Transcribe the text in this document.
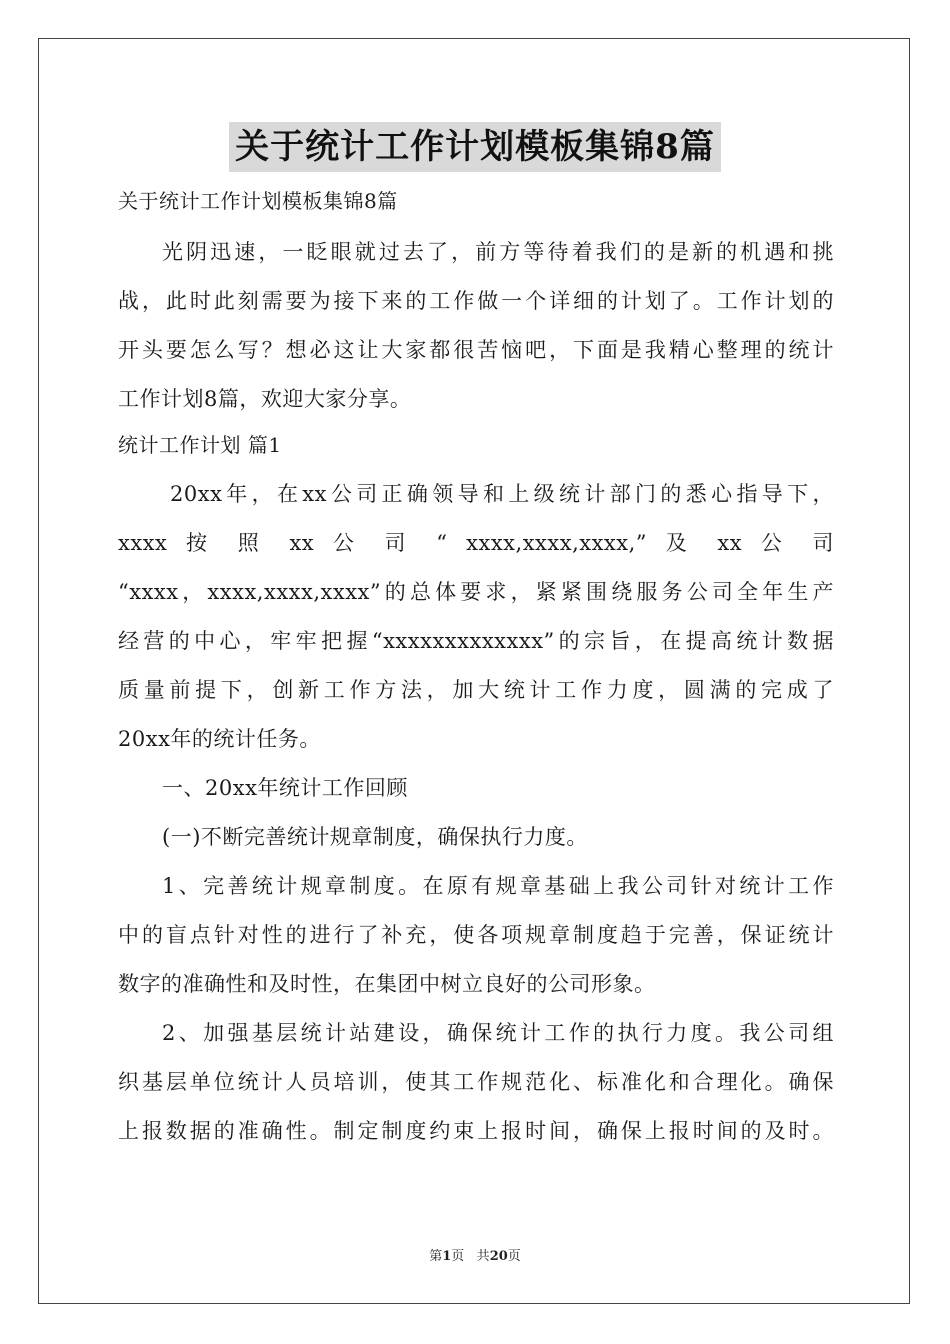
关于统计工作计划模板集锦8篇
关于统计工作计划模板集锦8篇
光阴迅速，一眨眼就过去了，前方等待着我们的是新的机遇和挑
战，此时此刻需要为接下来的工作做一个详细的计划了。工作计划的
开头要怎么写？想必这让大家都很苦恼吧，下面是我精心整理的统计
工作计划8篇，欢迎大家分享。
统计工作计划 篇1
20xx年，在xx公司正确领导和上级统计部门的悉心指导下，
xxxx 按 照 xx 公 司 “ xxxx,xxxx,xxxx,” 及 xx 公 司
“xxxx，xxxx,xxxx,xxxx”的总体要求，紧紧围绕服务公司全年生产
经营的中心，牢牢把握“xxxxxxxxxxxxx”的宗旨，在提高统计数据
质量前提下，创新工作方法，加大统计工作力度，圆满的完成了
20xx年的统计任务。
一、20xx年统计工作回顾
(一)不断完善统计规章制度，确保执行力度。
1、完善统计规章制度。在原有规章基础上我公司针对统计工作
中的盲点针对性的进行了补充，使各项规章制度趋于完善，保证统计
数字的准确性和及时性，在集团中树立良好的公司形象。
2、加强基层统计站建设，确保统计工作的执行力度。我公司组
织基层单位统计人员培训，使其工作规范化、标准化和合理化。确保
上报数据的准确性。制定制度约束上报时间，确保上报时间的及时。
第1页 共20页
